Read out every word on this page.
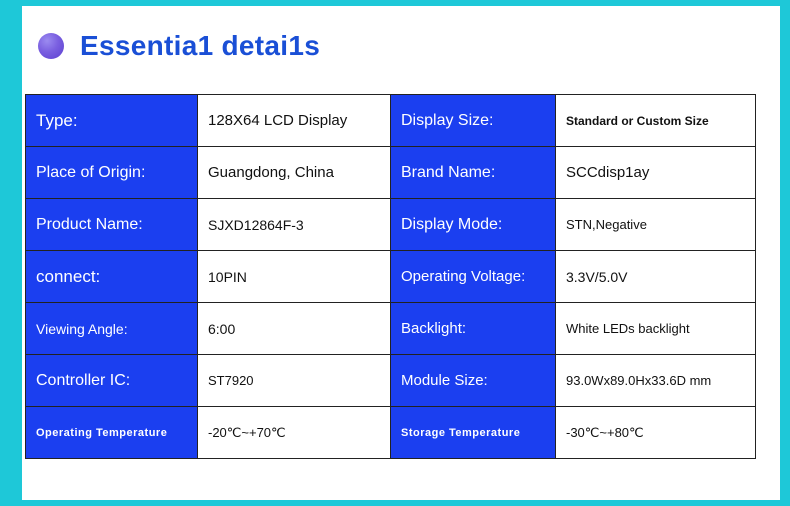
Essentia1 detai1s
Type:	128X64 LCD Display	Display Size:	Standard or Custom Size
Place of Origin:	Guangdong, China	Brand Name:	SCCdisp1ay
Product Name:	SJXD12864F-3	Display Mode:	STN,Negative
connect:	10PIN	Operating Voltage:	3.3V/5.0V
Viewing Angle:	6:00	Backlight:	White LEDs backlight
Controller IC:	ST7920	Module Size:	93.0Wx89.0Hx33.6D mm
Operating Temperature	-20℃~+70℃	Storage Temperature	-30℃~+80℃
